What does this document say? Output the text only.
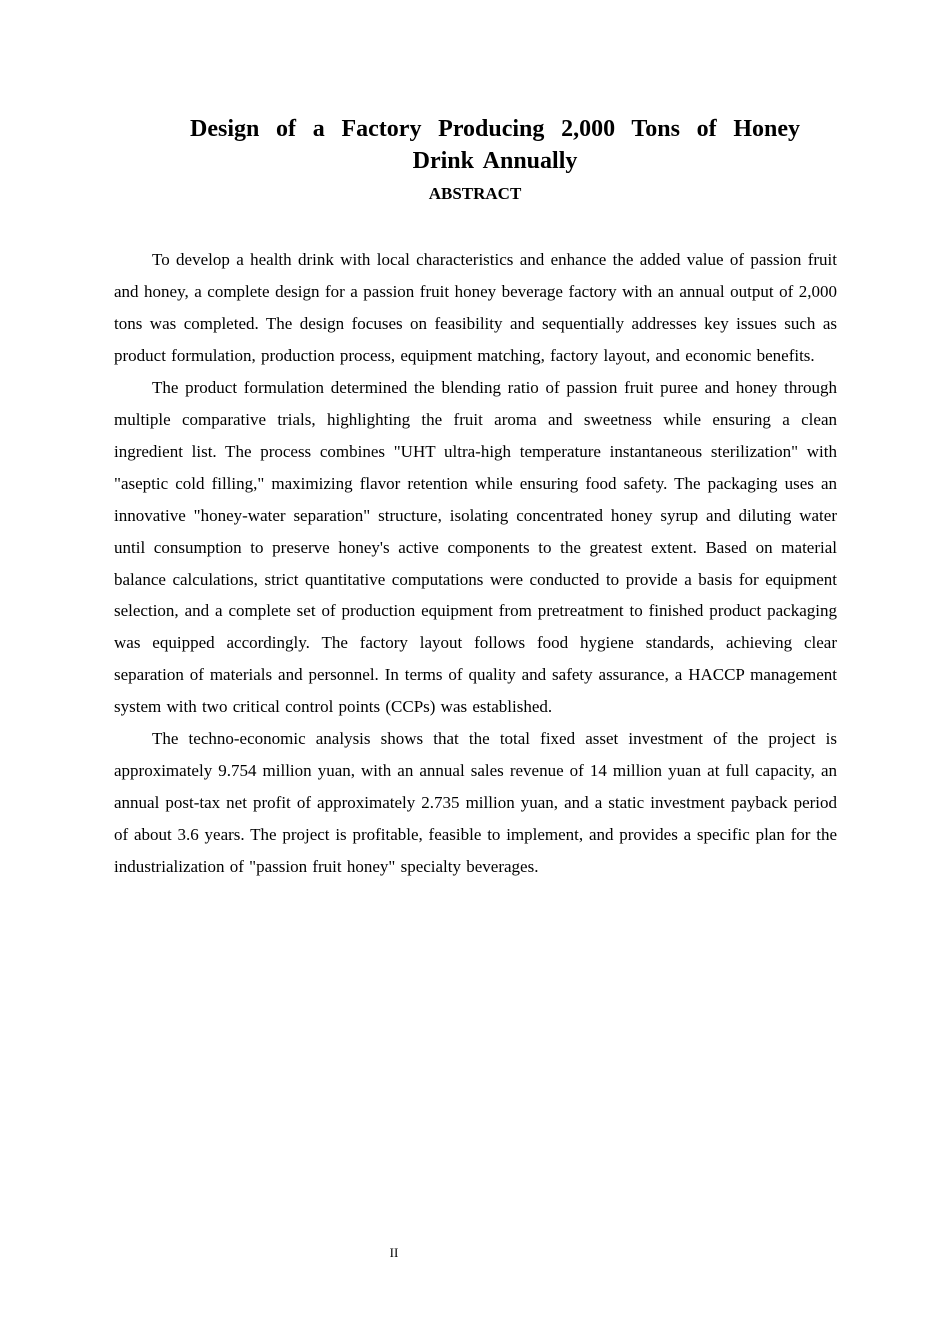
Design of a Factory Producing 2,000 Tons of Honey
Drink Annually
ABSTRACT

To develop a health drink with local characteristics and enhance the added value of passion fruit and honey, a complete design for a passion fruit honey beverage factory with an annual output of 2,000 tons was completed. The design focuses on feasibility and sequentially addresses key issues such as product formulation, production process, equipment matching, factory layout, and economic benefits.

The product formulation determined the blending ratio of passion fruit puree and honey through multiple comparative trials, highlighting the fruit aroma and sweetness while ensuring a clean ingredient list. The process combines "UHT ultra-high temperature instantaneous sterilization" with "aseptic cold filling," maximizing flavor retention while ensuring food safety. The packaging uses an innovative "honey-water separation" structure, isolating concentrated honey syrup and diluting water until consumption to preserve honey's active components to the greatest extent. Based on material balance calculations, strict quantitative computations were conducted to provide a basis for equipment selection, and a complete set of production equipment from pretreatment to finished product packaging was equipped accordingly. The factory layout follows food hygiene standards, achieving clear separation of materials and personnel. In terms of quality and safety assurance, a HACCP management system with two critical control points (CCPs) was established.

The techno-economic analysis shows that the total fixed asset investment of the project is approximately 9.754 million yuan, with an annual sales revenue of 14 million yuan at full capacity, an annual post-tax net profit of approximately 2.735 million yuan, and a static investment payback period of about 3.6 years. The project is profitable, feasible to implement, and provides a specific plan for the industrialization of "passion fruit honey" specialty beverages.

II
